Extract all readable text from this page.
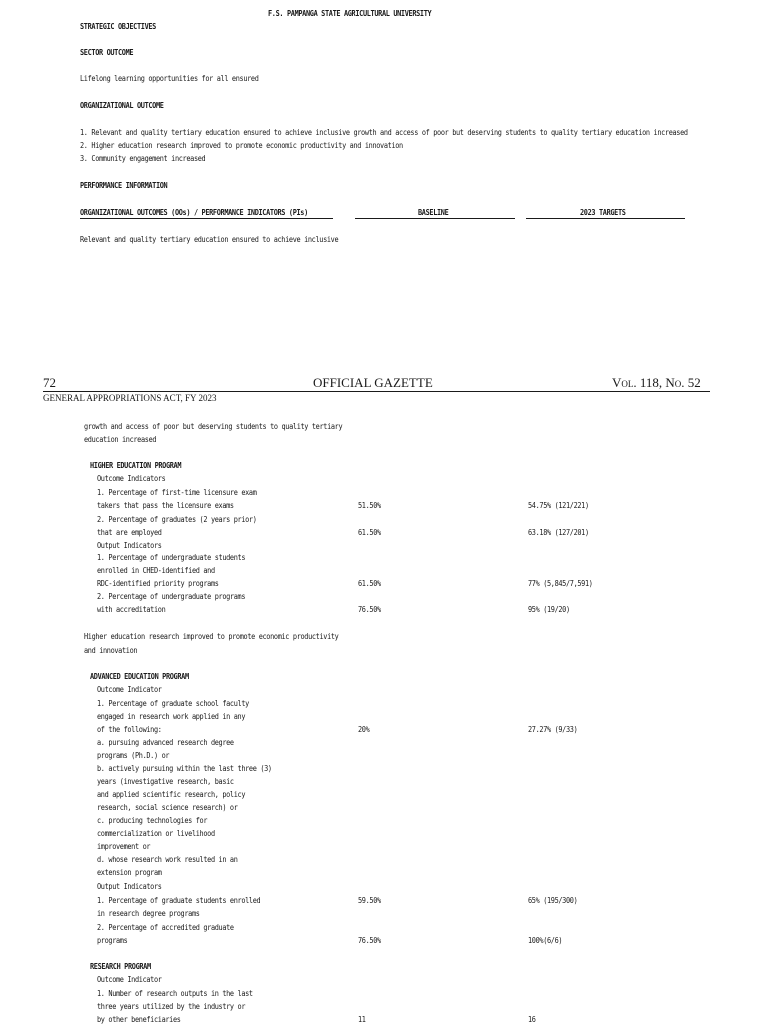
F.S. PAMPANGA STATE AGRICULTURAL UNIVERSITY
STRATEGIC OBJECTIVES
SECTOR OUTCOME
Lifelong learning opportunities for all ensured
ORGANIZATIONAL OUTCOME
1. Relevant and quality tertiary education ensured to achieve inclusive growth and access of poor but deserving students to quality tertiary education increased
2. Higher education research improved to promote economic productivity and innovation
3. Community engagement increased
PERFORMANCE INFORMATION
ORGANIZATIONAL OUTCOMES (OOs) / PERFORMANCE INDICATORS (PIs)	BASELINE	2023 TARGETS
Relevant and quality tertiary education ensured to achieve inclusive
72	OFFICIAL GAZETTE	Vol. 118, No. 52
GENERAL APPROPRIATIONS ACT, FY 2023
growth and access of poor but deserving students to quality tertiary
education increased
HIGHER EDUCATION PROGRAM
Outcome Indicators
1. Percentage of first-time licensure exam
takers that pass the licensure exams	51.50%	54.75% (121/221)
2. Percentage of graduates (2 years prior)
that are employed	61.50%	63.18% (127/201)
Output Indicators
1. Percentage of undergraduate students
enrolled in CHED-identified and
RDC-identified priority programs	61.50%	77% (5,845/7,591)
2. Percentage of undergraduate programs
with accreditation	76.50%	95% (19/20)
Higher education research improved to promote economic productivity
and innovation
ADVANCED EDUCATION PROGRAM
Outcome Indicator
1. Percentage of graduate school faculty
engaged in research work applied in any
of the following:	20%	27.27% (9/33)
a. pursuing advanced research degree
programs (Ph.D.) or
b. actively pursuing within the last three (3)
years (investigative research, basic
and applied scientific research, policy
research, social science research) or
c. producing technologies for
commercialization or livelihood
improvement or
d. whose research work resulted in an
extension program
Output Indicators
1. Percentage of graduate students enrolled	59.50%	65% (195/300)
in research degree programs
2. Percentage of accredited graduate
programs	76.50%	100%(6/6)
RESEARCH PROGRAM
Outcome Indicator
1. Number of research outputs in the last
three years utilized by the industry or
by other beneficiaries	11	16
